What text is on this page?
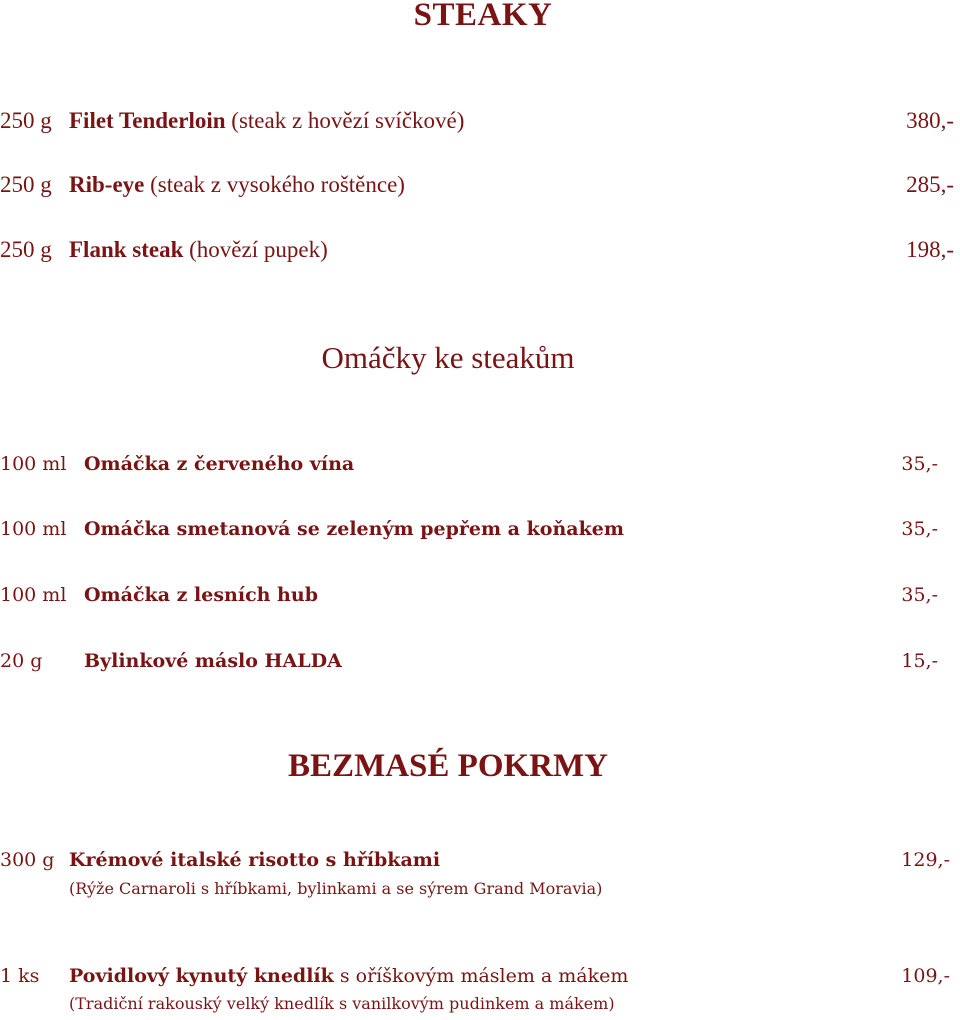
STEAKY
250 g Filet Tenderloin (steak z hovězí svíčkové)	380,-
250 g Rib-eye (steak z vysokého roštěnce)	285,-
250 g Flank steak (hovězí pupek)	198,-
Omáčky ke steakům
100 ml Omáčka z červeného vína	35,-
100 ml Omáčka smetanová se zeleným pepřem a koňakem	35,-
100 ml Omáčka z lesních hub	35,-
20 g Bylinkové máslo HALDA	15,-
BEZMASÉ POKRMY
300 g Krémové italské risotto s hříbkami	129,-
(Rýže Carnaroli s hříbkami, bylinkami a se sýrem Grand Moravia)
1 ks Povidlový kynutý knedlík s oříškovým máslem a mákem	109,-
(Tradiční rakouský velký knedlík s vanilkovým pudinkem a mákem)
